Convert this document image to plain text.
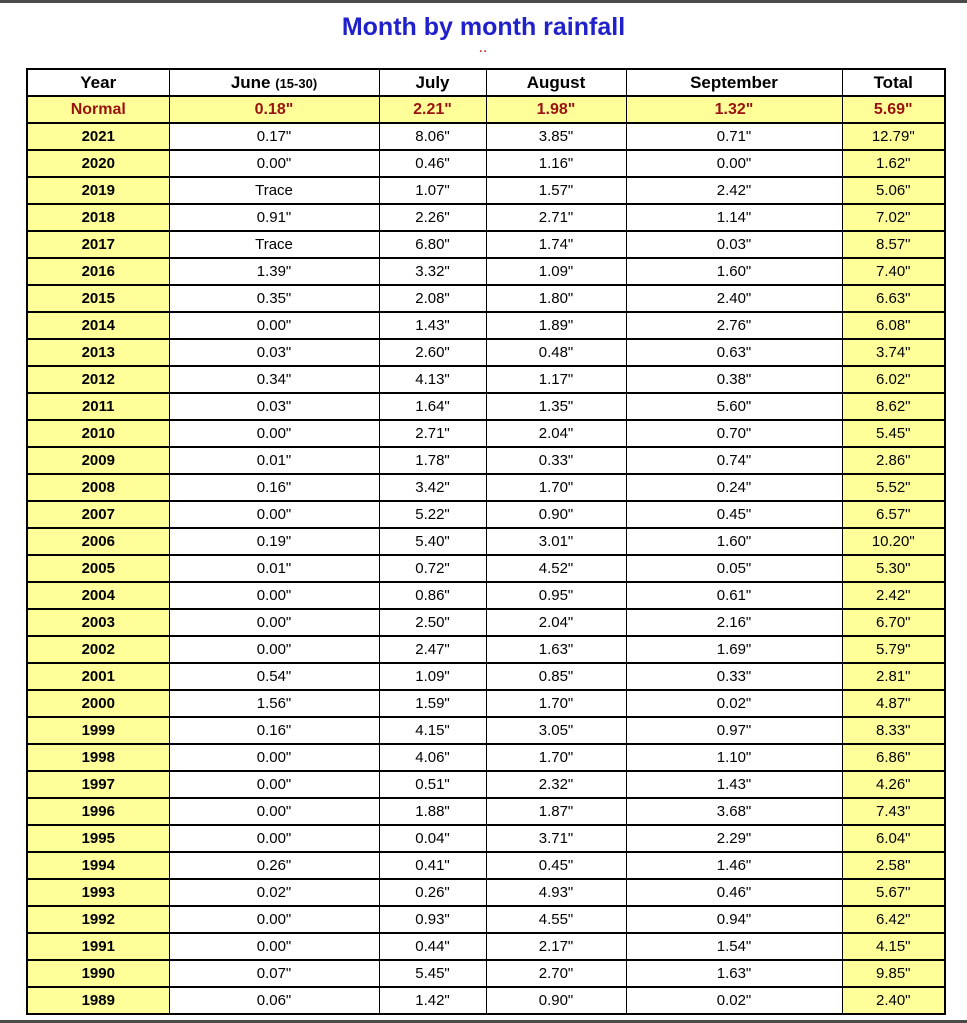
Month by month rainfall
..
Year	June (15-30)	July	August	September	Total
Normal	0.18"	2.21"	1.98"	1.32"	5.69"
2021	0.17"	8.06"	3.85"	0.71"	12.79"
2020	0.00"	0.46"	1.16"	0.00"	1.62"
2019	Trace	1.07"	1.57"	2.42"	5.06"
2018	0.91"	2.26"	2.71"	1.14"	7.02"
2017	Trace	6.80"	1.74"	0.03"	8.57"
2016	1.39"	3.32"	1.09"	1.60"	7.40"
2015	0.35"	2.08"	1.80"	2.40"	6.63"
2014	0.00"	1.43"	1.89"	2.76"	6.08"
2013	0.03"	2.60"	0.48"	0.63"	3.74"
2012	0.34"	4.13"	1.17"	0.38"	6.02"
2011	0.03"	1.64"	1.35"	5.60"	8.62"
2010	0.00"	2.71"	2.04"	0.70"	5.45"
2009	0.01"	1.78"	0.33"	0.74"	2.86"
2008	0.16"	3.42"	1.70"	0.24"	5.52"
2007	0.00"	5.22"	0.90"	0.45"	6.57"
2006	0.19"	5.40"	3.01"	1.60"	10.20"
2005	0.01"	0.72"	4.52"	0.05"	5.30"
2004	0.00"	0.86"	0.95"	0.61"	2.42"
2003	0.00"	2.50"	2.04"	2.16"	6.70"
2002	0.00"	2.47"	1.63"	1.69"	5.79"
2001	0.54"	1.09"	0.85"	0.33"	2.81"
2000	1.56"	1.59"	1.70"	0.02"	4.87"
1999	0.16"	4.15"	3.05"	0.97"	8.33"
1998	0.00"	4.06"	1.70"	1.10"	6.86"
1997	0.00"	0.51"	2.32"	1.43"	4.26"
1996	0.00"	1.88"	1.87"	3.68"	7.43"
1995	0.00"	0.04"	3.71"	2.29"	6.04"
1994	0.26"	0.41"	0.45"	1.46"	2.58"
1993	0.02"	0.26"	4.93"	0.46"	5.67"
1992	0.00"	0.93"	4.55"	0.94"	6.42"
1991	0.00"	0.44"	2.17"	1.54"	4.15"
1990	0.07"	5.45"	2.70"	1.63"	9.85"
1989	0.06"	1.42"	0.90"	0.02"	2.40"
